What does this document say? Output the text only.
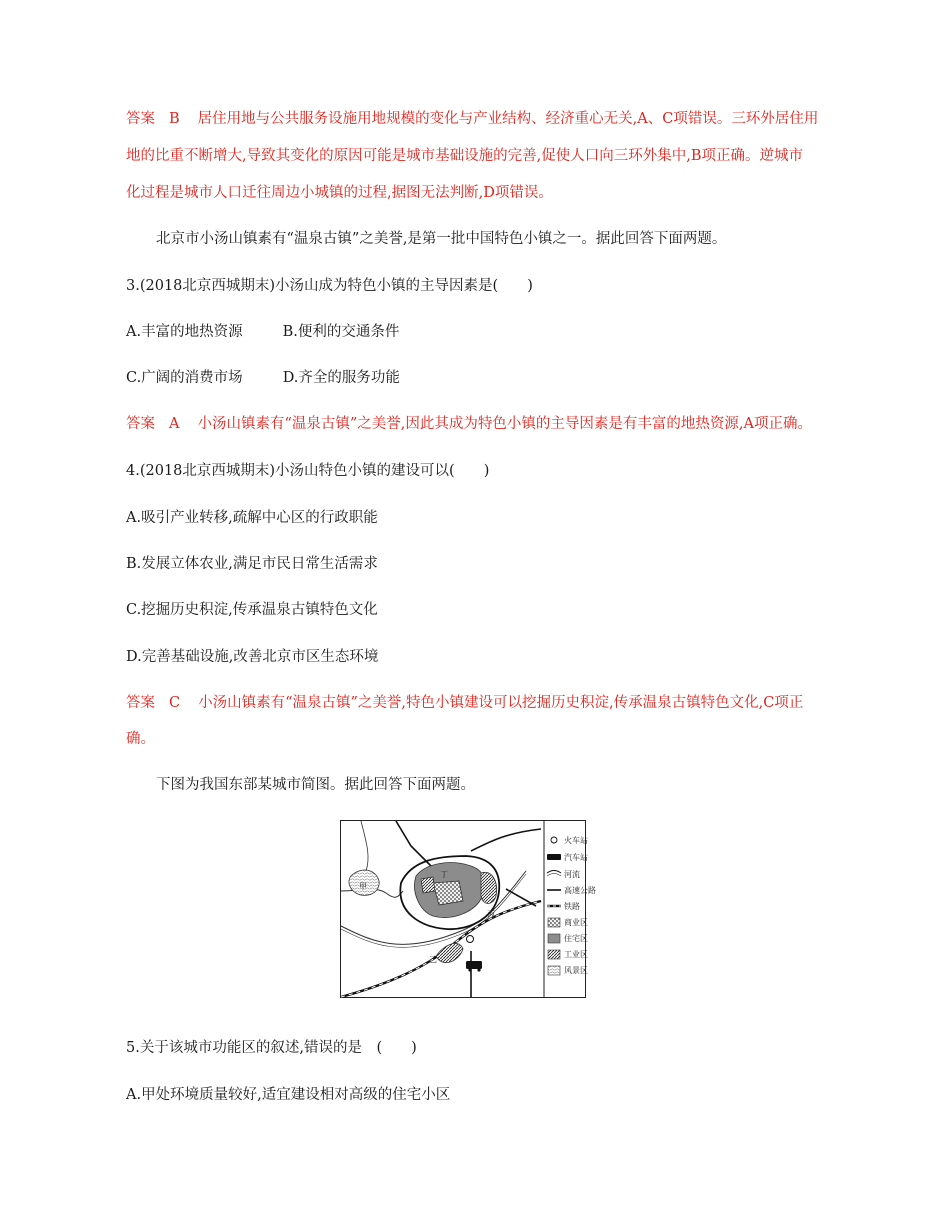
答案 B 居住用地与公共服务设施用地规模的变化与产业结构、经济重心无关,A、C项错误。三环外居住用
地的比重不断增大,导致其变化的原因可能是城市基础设施的完善,促使人口向三环外集中,B项正确。逆城市
化过程是城市人口迁往周边小城镇的过程,据图无法判断,D项错误。
北京市小汤山镇素有“温泉古镇”之美誉,是第一批中国特色小镇之一。据此回答下面两题。
3.(2018北京西城期末)小汤山成为特色小镇的主导因素是(　　)
A.丰富的地热资源	B.便利的交通条件
C.广阔的消费市场	D.齐全的服务功能
答案 A 小汤山镇素有“温泉古镇”之美誉,因此其成为特色小镇的主导因素是有丰富的地热资源,A项正确。
4.(2018北京西城期末)小汤山特色小镇的建设可以(　　)
A.吸引产业转移,疏解中心区的行政职能
B.发展立体农业,满足市民日常生活需求
C.挖掘历史积淀,传承温泉古镇特色文化
D.完善基础设施,改善北京市区生态环境
答案 C 小汤山镇素有“温泉古镇”之美誉,特色小镇建设可以挖掘历史积淀,传承温泉古镇特色文化,C项正
确。
下图为我国东部某城市简图。据此回答下面两题。
甲
丁
丙
乙
火车站
汽车站
河流
高速公路
铁路
商业区
住宅区
工业区
风景区
5.关于该城市功能区的叙述,错误的是　(　　)
A.甲处环境质量较好,适宜建设相对高级的住宅小区
